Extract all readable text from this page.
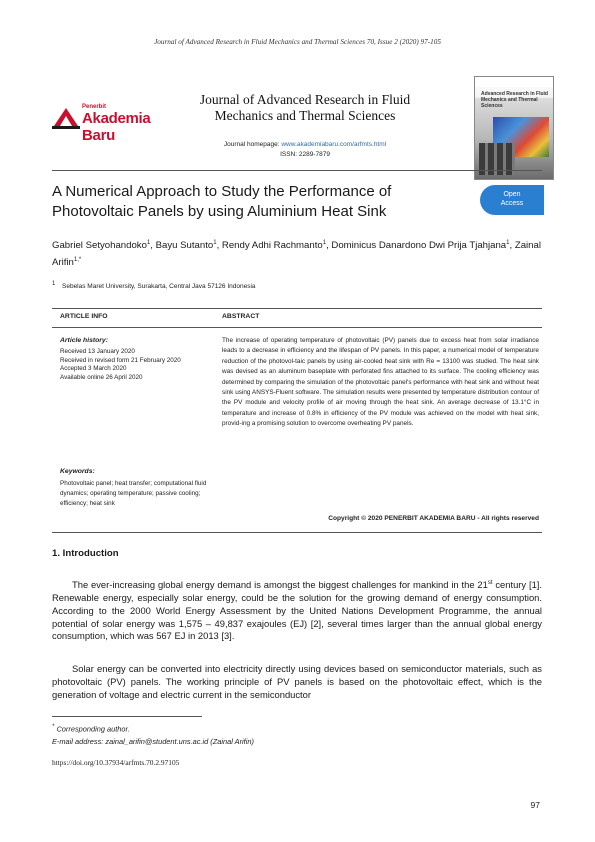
Journal of Advanced Research in Fluid Mechanics and Thermal Sciences 70, Issue 2 (2020) 97-105
Penerbit
Akademia Baru
Journal of Advanced Research in Fluid Mechanics and Thermal Sciences
Journal homepage: www.akademiabaru.com/arfmts.html
ISSN: 2289-7879
Advanced Research in Fluid Mechanics and Thermal Sciences
A Numerical Approach to Study the Performance of Photovoltaic Panels by using Aluminium Heat Sink
Open
Access
Gabriel Setyohandoko$^1$, Bayu Sutanto$^1$, Rendy Adhi Rachmanto$^1$, Dominicus Danardono Dwi Prija Tjahjana$^1$, Zainal Arifin$^{1,*}$
$^1$ Sebelas Maret University, Surakarta, Central Java 57126 Indonesia
ARTICLE INFO	ABSTRACT
Article history:
Received 13 January 2020
Received in revised form 21 February 2020
Accepted 3 March 2020
Available online 26 April 2020
Keywords:
Photovoltaic panel; heat transfer; computational fluid dynamics; operating temperature; passive cooling; efficiency; heat sink
The increase of operating temperature of photovoltaic (PV) panels due to excess heat from solar irradiance leads to a decrease in efficiency and the lifespan of PV panels. In this paper, a numerical model of temperature reduction of the photovol-taic panels by using air-cooled heat sink with Re = 13100 was studied. The heat sink was devised as an aluminum baseplate with perforated fins attached to its surface. The cooling efficiency was determined by comparing the simulation of the photovoltaic panel's performance with heat sink and without heat sink using ANSYS-Fluent software. The simulation results were presented by temperature distribution contour of the PV module and velocity profile of air moving through the heat sink. An average decrease of 13.1°C in temperature and increase of 0.8% in efficiency of the PV module was achieved on the model with heat sink, provid-ing a promising solution to overcome overheating PV panels.
Copyright © 2020 PENERBIT AKADEMIA BARU - All rights reserved
1. Introduction
The ever-increasing global energy demand is amongst the biggest challenges for mankind in the 21st century [1]. Renewable energy, especially solar energy, could be the solution for the growing demand of energy consumption. According to the 2000 World Energy Assessment by the United Nations Development Programme, the annual potential of solar energy was 1,575 – 49,837 exajoules (EJ) [2], several times larger than the annual global energy consumption, which was 567 EJ in 2013 [3].
Solar energy can be converted into electricity directly using devices based on semiconductor materials, such as photovoltaic (PV) panels. The working principle of PV panels is based on the photovoltaic effect, which is the generation of voltage and electric current in the semiconductor
* Corresponding author.
E-mail address: zainal_arifin@student.uns.ac.id (Zainal Arifin)
https://doi.org/10.37934/arfmts.70.2.97105
97
